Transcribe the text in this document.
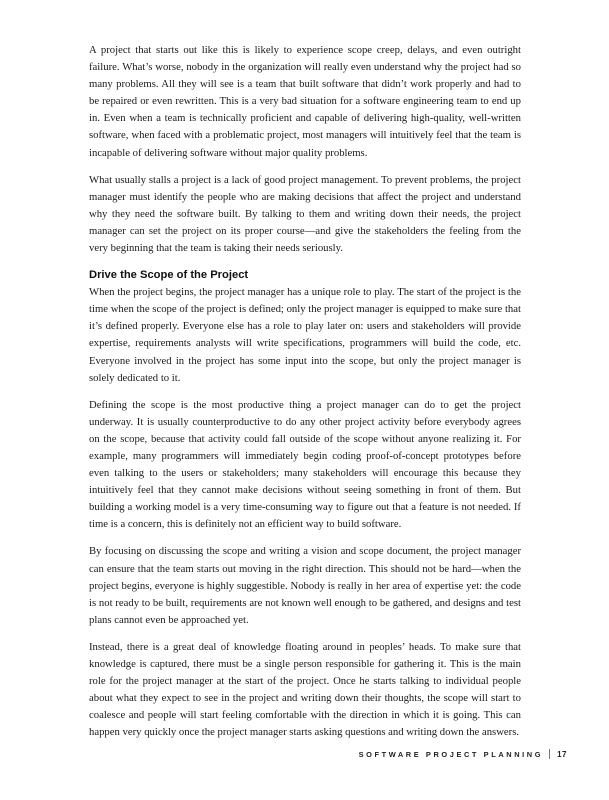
A project that starts out like this is likely to experience scope creep, delays, and even outright failure. What’s worse, nobody in the organization will really even understand why the project had so many problems. All they will see is a team that built software that didn’t work properly and had to be repaired or even rewritten. This is a very bad situation for a software engineering team to end up in. Even when a team is technically proficient and capable of delivering high-quality, well-written software, when faced with a problematic project, most managers will intuitively feel that the team is incapable of delivering software without major quality problems.

What usually stalls a project is a lack of good project management. To prevent problems, the project manager must identify the people who are making decisions that affect the project and understand why they need the software built. By talking to them and writing down their needs, the project manager can set the project on its proper course—and give the stakeholders the feeling from the very beginning that the team is taking their needs seriously.

Drive the Scope of the Project

When the project begins, the project manager has a unique role to play. The start of the project is the time when the scope of the project is defined; only the project manager is equipped to make sure that it’s defined properly. Everyone else has a role to play later on: users and stakeholders will provide expertise, requirements analysts will write specifications, programmers will build the code, etc. Everyone involved in the project has some input into the scope, but only the project manager is solely dedicated to it.

Defining the scope is the most productive thing a project manager can do to get the project underway. It is usually counterproductive to do any other project activity before everybody agrees on the scope, because that activity could fall outside of the scope without anyone realizing it. For example, many programmers will immediately begin coding proof-of-concept prototypes before even talking to the users or stakeholders; many stakeholders will encourage this because they intuitively feel that they cannot make decisions without seeing something in front of them. But building a working model is a very time-consuming way to figure out that a feature is not needed. If time is a concern, this is definitely not an efficient way to build software.

By focusing on discussing the scope and writing a vision and scope document, the project manager can ensure that the team starts out moving in the right direction. This should not be hard—when the project begins, everyone is highly suggestible. Nobody is really in her area of expertise yet: the code is not ready to be built, requirements are not known well enough to be gathered, and designs and test plans cannot even be approached yet.

Instead, there is a great deal of knowledge floating around in peoples’ heads. To make sure that knowledge is captured, there must be a single person responsible for gathering it. This is the main role for the project manager at the start of the project. Once he starts talking to individual people about what they expect to see in the project and writing down their thoughts, the scope will start to coalesce and people will start feeling comfortable with the direction in which it is going. This can happen very quickly once the project manager starts asking questions and writing down the answers.

SOFTWARE PROJECT PLANNING 17
